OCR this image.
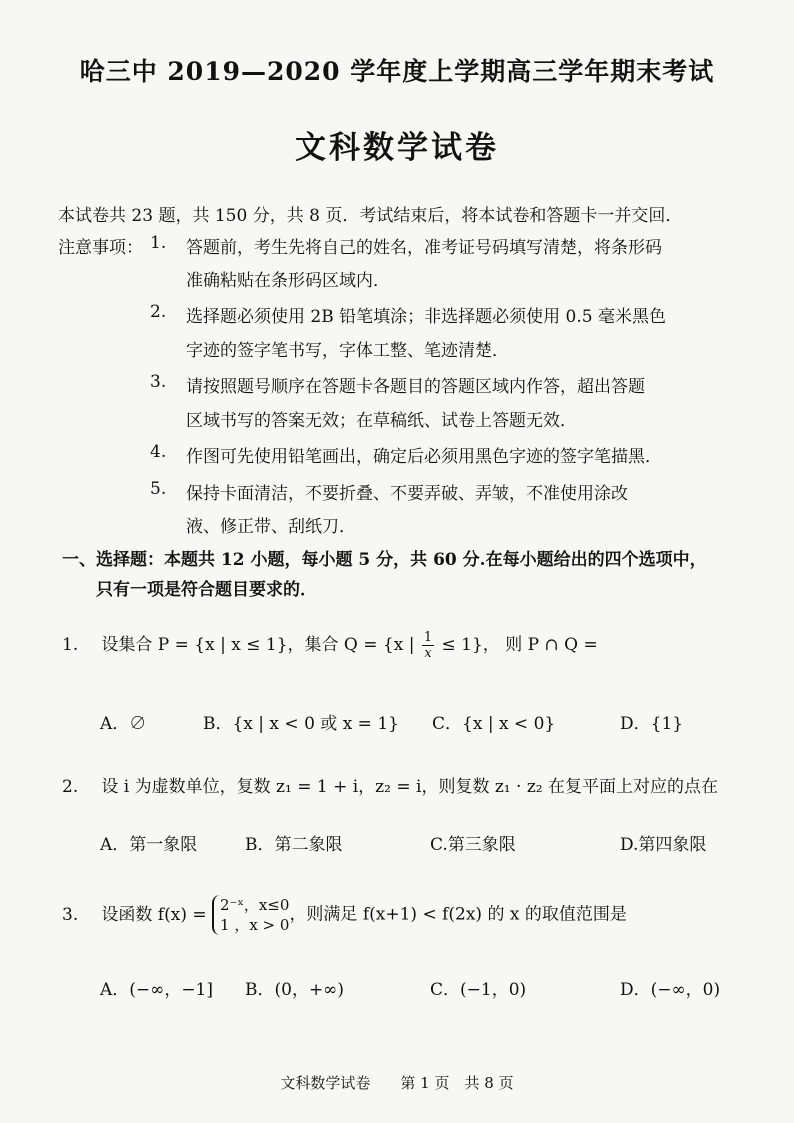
哈三中 2019—2020 学年度上学期高三学年期末考试
文科数学试卷
本试卷共 23 题，共 150 分，共 8 页．考试结束后，将本试卷和答题卡一并交回．
注意事项： 1. 答题前，考生先将自己的姓名，准考证号码填写清楚，将条形码
准确粘贴在条形码区域内．
2. 选择题必须使用 2B 铅笔填涂；非选择题必须使用 0.5 毫米黑色
字迹的签字笔书写，字体工整、笔迹清楚．
3. 请按照题号顺序在答题卡各题目的答题区域内作答，超出答题
区域书写的答案无效；在草稿纸、试卷上答题无效．
4. 作图可先使用铅笔画出，确定后必须用黑色字迹的签字笔描黑．
5. 保持卡面清洁，不要折叠、不要弄破、弄皱，不准使用涂改
液、修正带、刮纸刀．
一、选择题：本题共 12 小题，每小题 5 分，共 60 分.在每小题给出的四个选项中，
只有一项是符合题目要求的．
1. 设集合 P = {x | x ≤ 1}，集合 Q = {x | $\frac{1}{x} \le 1$}， 则 P ∩ Q =
A．∅	B．{x | x < 0 或 x = 1} C．{x | x < 0}	D．{1}
2. 设 i 为虚数单位，复数 z₁ = 1 + i，z₂ = i，则复数 z₁ · z₂ 在复平面上对应的点在
A．第一象限	B．第二象限	C.第三象限	D.第四象限
3. 设函数 f(x) = 2⁻ˣ，x≤0
1 ，x > 0
，则满足 f(x+1) < f(2x) 的 x 的取值范围是
A．(−∞，−1] B．(0，+∞)	C．(−1，0)	D．(−∞，0)
文科数学试卷　　第 1 页　共 8 页
